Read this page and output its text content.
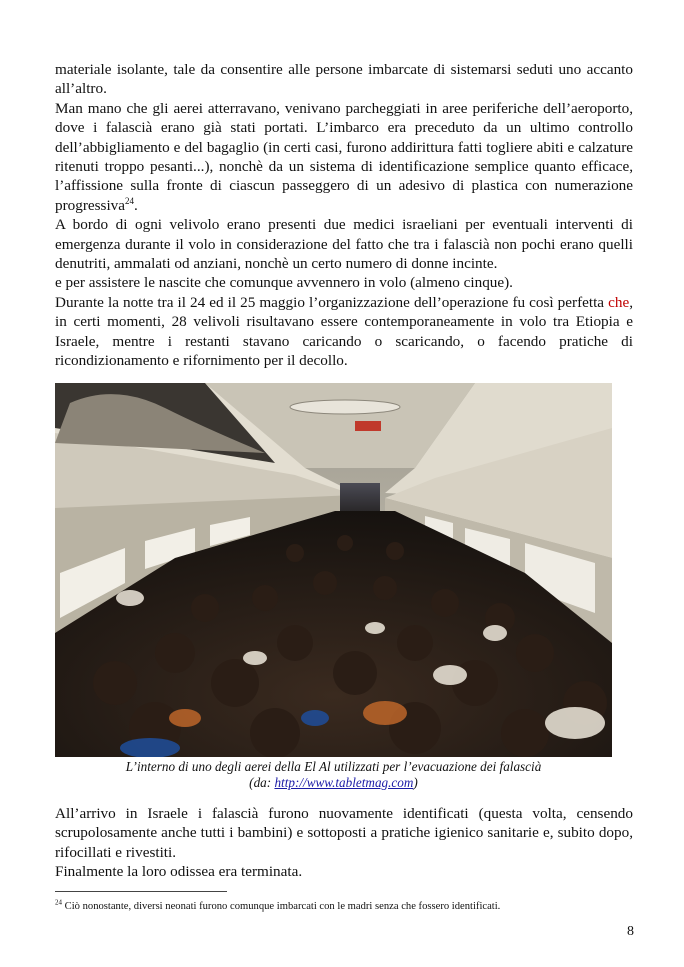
materiale isolante, tale da consentire alle persone imbarcate di sistemarsi seduti uno accanto all’altro.

Man mano che gli aerei atterravano, venivano parcheggiati in aree periferiche dell’aeroporto, dove i falascià erano già stati portati. L’imbarco era preceduto da un ultimo controllo dell’abbigliamento e del bagaglio (in certi casi, furono addirittura fatti togliere abiti e calzature ritenuti troppo pesanti...), nonchè da un sistema di identificazione semplice quanto efficace, l’affissione sulla fronte di ciascun passeggero di un adesivo di plastica con numerazione progressiva$^{24}$.

A bordo di ogni velivolo erano presenti due medici israeliani per eventuali interventi di emergenza durante il volo in considerazione del fatto che tra i falascià non pochi erano quelli denutriti, ammalati od anziani, nonchè un certo numero di donne incinte.

e per assistere le nascite che comunque avvennero in volo (almeno cinque).

Durante la notte tra il 24 ed il 25 maggio l’organizzazione dell’operazione fu così perfetta che, in certi momenti, 28 velivoli risultavano essere contemporaneamente in volo tra Etiopia e Israele, mentre i restanti stavano caricando o scaricando, o facendo pratiche di ricondizionamento e rifornimento per il decollo.

L’interno di uno degli aerei della El Al utilizzati per l’evacuazione dei falascià
(da: http://www.tabletmag.com)

All’arrivo in Israele i falascià furono nuovamente identificati (questa volta, censendo scrupolosamente anche tutti i bambini) e sottoposti a pratiche igienico sanitarie e, subito dopo, rifocillati e rivestiti.

Finalmente la loro odissea era terminata.

$^{24}$ Ciò nonostante, diversi neonati furono comunque imbarcati con le madri senza che fossero identificati.
8
